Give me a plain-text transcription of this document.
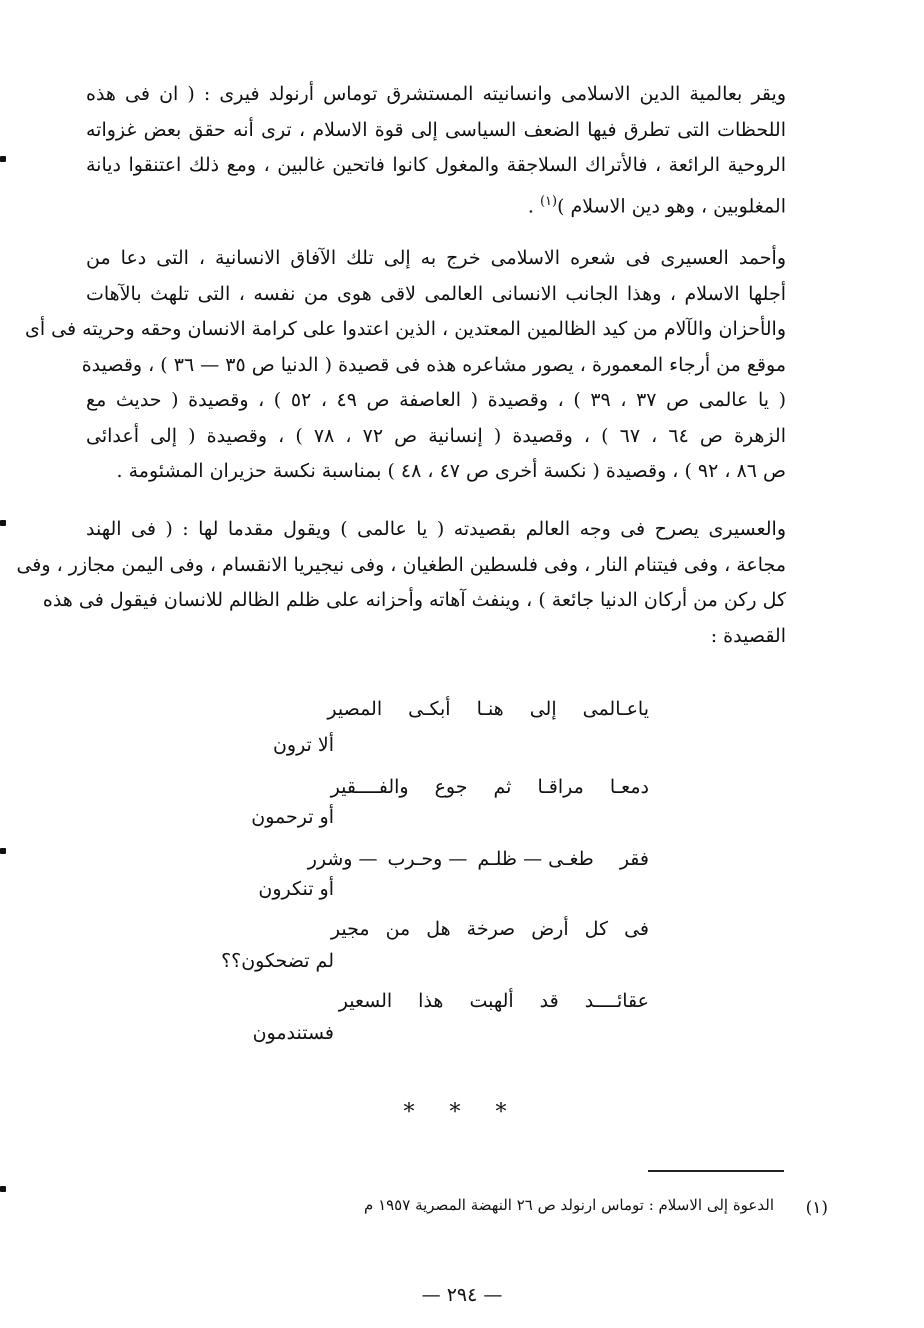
ويقر بعالمية الدين الاسلامى وانسانيته المستشرق توماس أرنولد فيرى : ( ان فى هذه
اللحظات التى تطرق فيها الضعف السياسى إلى قوة الاسلام ، ترى أنه حقق بعض غزواته
الروحية الرائعة ، فالأتراك السلاجقة والمغول كانوا فاتحين غالبين ، ومع ذلك اعتنقوا ديانة
المغلوبين ، وهو دين الاسلام )$^{(١)}$ .
وأحمد العسيرى فى شعره الاسلامى خرج به إلى تلك الآفاق الانسانية ، التى دعا من
أجلها الاسلام ، وهذا الجانب الانسانى العالمى لاقى هوى من نفسه ، التى تلهث بالآهات
والأحزان والآلام من كيد الظالمين المعتدين ، الذين اعتدوا على كرامة الانسان وحقه وحريته فى أى
موقع من أرجاء المعمورة ، يصور مشاعره هذه فى قصيدة ( الدنيا ص ٣٥ — ٣٦ ) ، وقصيدة
( يا عالمى ص ٣٧ ، ٣٩ ) ، وقصيدة ( العاصفة ص ٤٩ ، ٥٢ ) ، وقصيدة ( حديث مع
الزهرة ص ٦٤ ، ٦٧ ) ، وقصيدة ( إنسانية ص ٧٢ ، ٧٨ ) ، وقصيدة ( إلى أعدائى
ص ٨٦ ، ٩٢ ) ، وقصيدة ( نكسة أخرى ص ٤٧ ، ٤٨ ) بمناسبة نكسة حزيران المشئومة .
والعسيرى يصرح فى وجه العالم بقصيدته ( يا عالمى ) ويقول مقدما لها : ( فى الهند
مجاعة ، وفى فيتنام النار ، وفى فلسطين الطغيان ، وفى نيجيريا الانقسام ، وفى اليمن مجازر ، وفى
كل ركن من أركان الدنيا جائعة ) ، وينفث آهاته وأحزانه على ظلم الظالم للانسان فيقول فى هذه
القصيدة :
ياعـالمىإلىهنـاأبكـىالمصير
ألا ترون
دمعـامراقـاثمجوعوالفــــقير
أو ترحمون
فقرطغـى — ظلـم— وحـرب— وشرر
أو تنكرون
فىكلأرضصرخةهلمنمجير
لم تضحكون؟؟
عقائــــدقدألهبتهذاالسعير
فستندمون
* * *
(١)
الدعوة إلى الاسلام : توماس ارنولد ص ٢٦ النهضة المصرية ١٩٥٧ م
— ٢٩٤ —
